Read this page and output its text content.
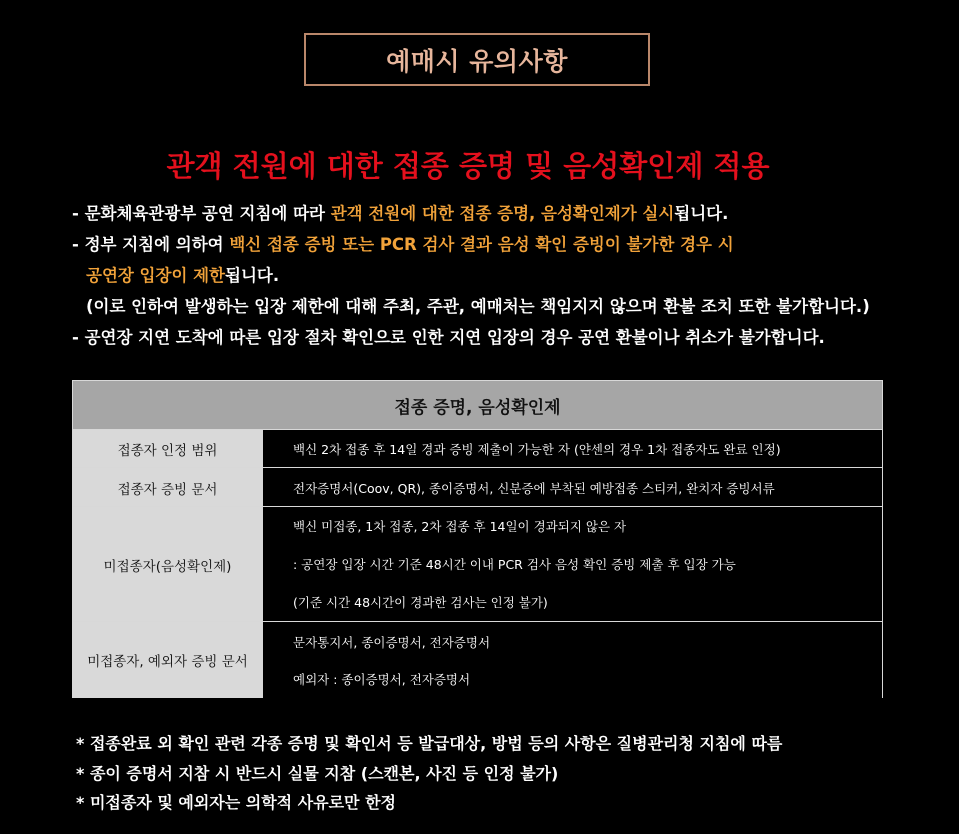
예매시 유의사항
관객 전원에 대한 접종 증명 및 음성확인제 적용
- 문화체육관광부 공연 지침에 따라 관객 전원에 대한 접종 증명, 음성확인제가 실시됩니다.
- 정부 지침에 의하여 백신 접종 증빙 또는 PCR 검사 결과 음성 확인 증빙이 불가한 경우 시
공연장 입장이 제한됩니다.
(이로 인하여 발생하는 입장 제한에 대해 주최, 주관, 예매처는 책임지지 않으며 환불 조치 또한 불가합니다.)
- 공연장 지연 도착에 따른 입장 절차 확인으로 인한 지연 입장의 경우 공연 환불이나 취소가 불가합니다.
접종 증명, 음성확인제
접종자 인정 범위	백신 2차 접종 후 14일 경과 증빙 제출이 가능한 자 (얀센의 경우 1차 접종자도 완료 인정)
접종자 증빙 문서	전자증명서(Coov, QR), 종이증명서, 신분증에 부착된 예방접종 스티커, 완치자 증빙서류
미접종자(음성확인제)
백신 미접종, 1차 접종, 2차 접종 후 14일이 경과되지 않은 자
: 공연장 입장 시간 기준 48시간 이내 PCR 검사 음성 확인 증빙 제출 후 입장 가능
(기준 시간 48시간이 경과한 검사는 인정 불가)
미접종자, 예외자 증빙 문서
문자통지서, 종이증명서, 전자증명서
예외자 : 종이증명서, 전자증명서
* 접종완료 외 확인 관련 각종 증명 및 확인서 등 발급대상, 방법 등의 사항은 질병관리청 지침에 따름
* 종이 증명서 지참 시 반드시 실물 지참 (스캔본, 사진 등 인정 불가)
* 미접종자 및 예외자는 의학적 사유로만 한정
